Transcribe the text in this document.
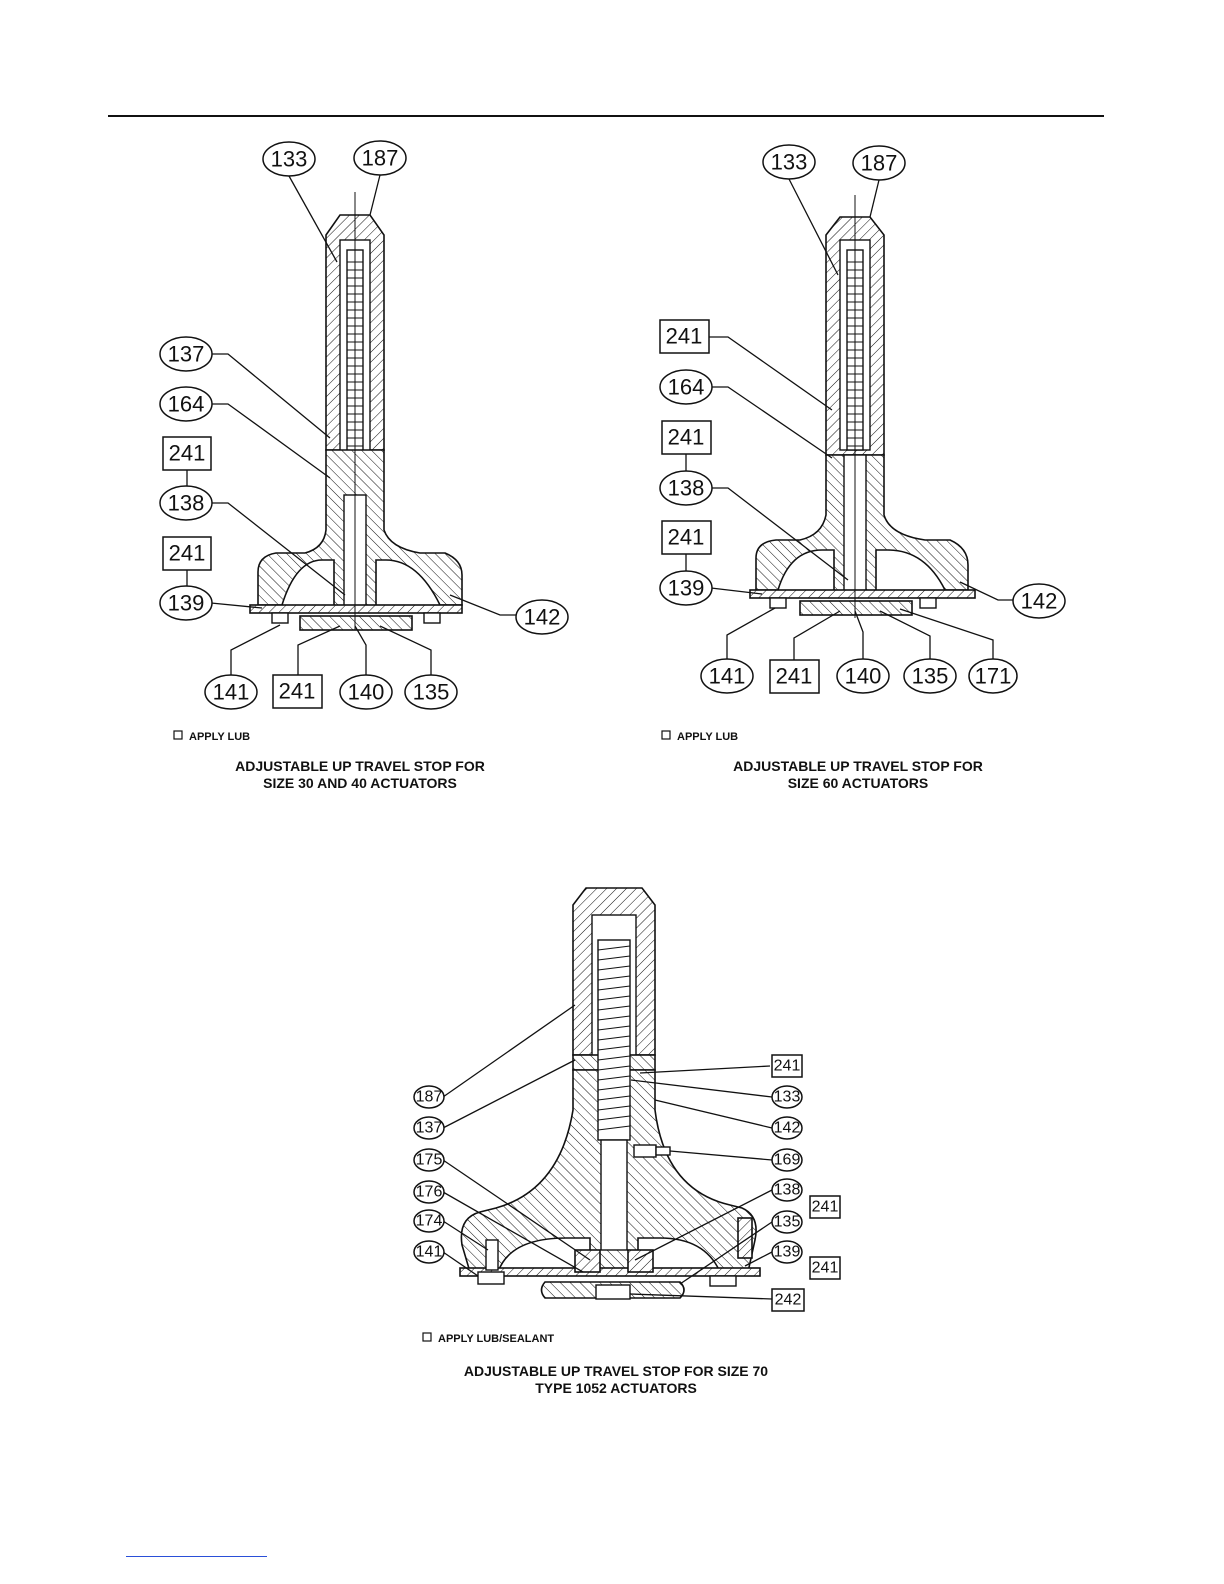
133 187
137
164
241
138
241
139
142
141 241 140 135
APPLY LUB
133 187
241
164
241
138
241
139
142
141 241 140 135 171
APPLY LUB
187
137
175
176
174
141
241
133
142
169
138
241
135
139
241
242
APPLY LUB/SEALANT
ADJUSTABLE UP TRAVEL STOP FOR
SIZE 30 AND 40 ACTUATORS
ADJUSTABLE UP TRAVEL STOP FOR
SIZE 60 ACTUATORS
ADJUSTABLE UP TRAVEL STOP FOR SIZE 70
TYPE 1052 ACTUATORS
